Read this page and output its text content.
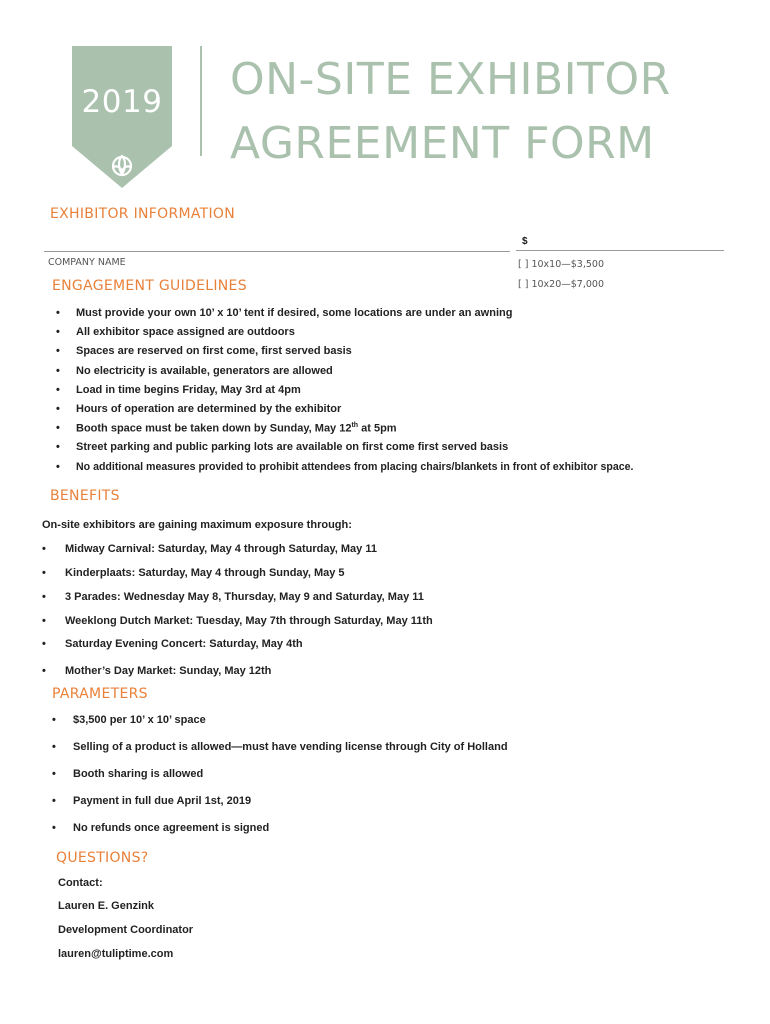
2019 ON-SITE EXHIBITOR
AGREEMENT FORM
EXHIBITOR INFORMATION
COMPANY NAME
$
[ ] 10x10—$3,500
[ ] 10x20—$7,000
ENGAGEMENT GUIDELINES
• Must provide your own 10’ x 10’ tent if desired, some locations are under an awning
• All exhibitor space assigned are outdoors
• Spaces are reserved on first come, first served basis
• No electricity is available, generators are allowed
• Load in time begins Friday, May 3rd at 4pm
• Hours of operation are determined by the exhibitor
• Booth space must be taken down by Sunday, May 12th at 5pm
• Street parking and public parking lots are available on first come first served basis
• No additional measures provided to prohibit attendees from placing chairs/blankets in front of exhibitor space.
BENEFITS
On-site exhibitors are gaining maximum exposure through:
• Midway Carnival: Saturday, May 4 through Saturday, May 11
• Kinderplaats: Saturday, May 4 through Sunday, May 5
• 3 Parades: Wednesday May 8, Thursday, May 9 and Saturday, May 11
• Weeklong Dutch Market: Tuesday, May 7th through Saturday, May 11th
• Saturday Evening Concert: Saturday, May 4th
• Mother’s Day Market: Sunday, May 12th
PARAMETERS
• $3,500 per 10’ x 10’ space
• Selling of a product is allowed—must have vending license through City of Holland
• Booth sharing is allowed
• Payment in full due April 1st, 2019
• No refunds once agreement is signed
QUESTIONS?
Contact:
Lauren E. Genzink
Development Coordinator
lauren@tuliptime.com
